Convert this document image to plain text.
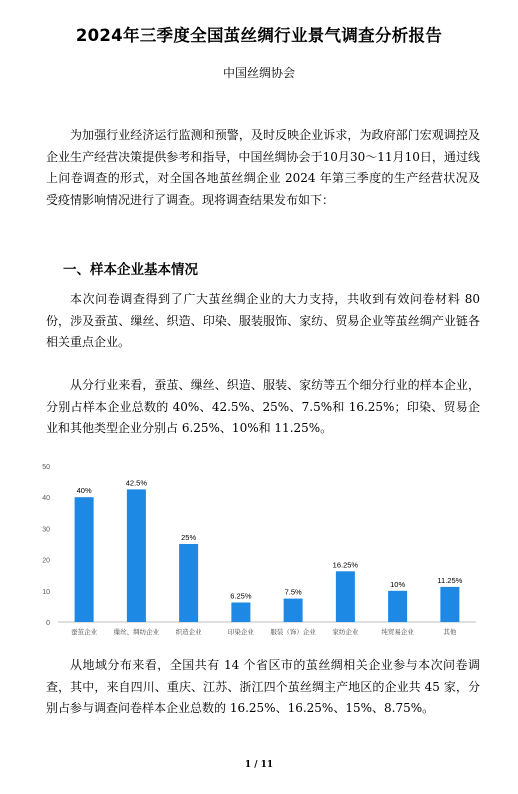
2024年三季度全国茧丝绸行业景气调查分析报告
中国丝绸协会

为加强行业经济运行监测和预警，及时反映企业诉求，为政府部门宏观调控及企业生产经营决策提供参考和指导，中国丝绸协会于10月30～11月10日，通过线上问卷调查的形式，对全国各地茧丝绸企业 2024 年第三季度的生产经营状况及受疫情影响情况进行了调查。现将调查结果发布如下：

一、样本企业基本情况

本次问卷调查得到了广大茧丝绸企业的大力支持，共收到有效问卷材料 80 份，涉及蚕茧、缫丝、织造、印染、服装服饰、家纺、贸易企业等茧丝绸产业链各相关重点企业。

从分行业来看，蚕茧、缫丝、织造、服装、家纺等五个细分行业的样本企业，分别占样本企业总数的 40%、42.5%、25%、7.5%和 16.25%；印染、贸易企业和其他类型企业分别占 6.25%、10%和 11.25%。

0
10
20
30
40
50
40%
蚕茧企业
42.5%
缫丝、绸纺企业
25%
织造企业
6.25%
印染企业
7.5%
服装（饰）企业
16.25%
家纺企业
10%
纯贸易企业
11.25%
其他

从地域分布来看，全国共有 14 个省区市的茧丝绸相关企业参与本次问卷调查，其中，来自四川、重庆、江苏、浙江四个茧丝绸主产地区的企业共 45 家，分别占参与调查问卷样本企业总数的 16.25%、16.25%、15%、8.75%。

1 / 11
